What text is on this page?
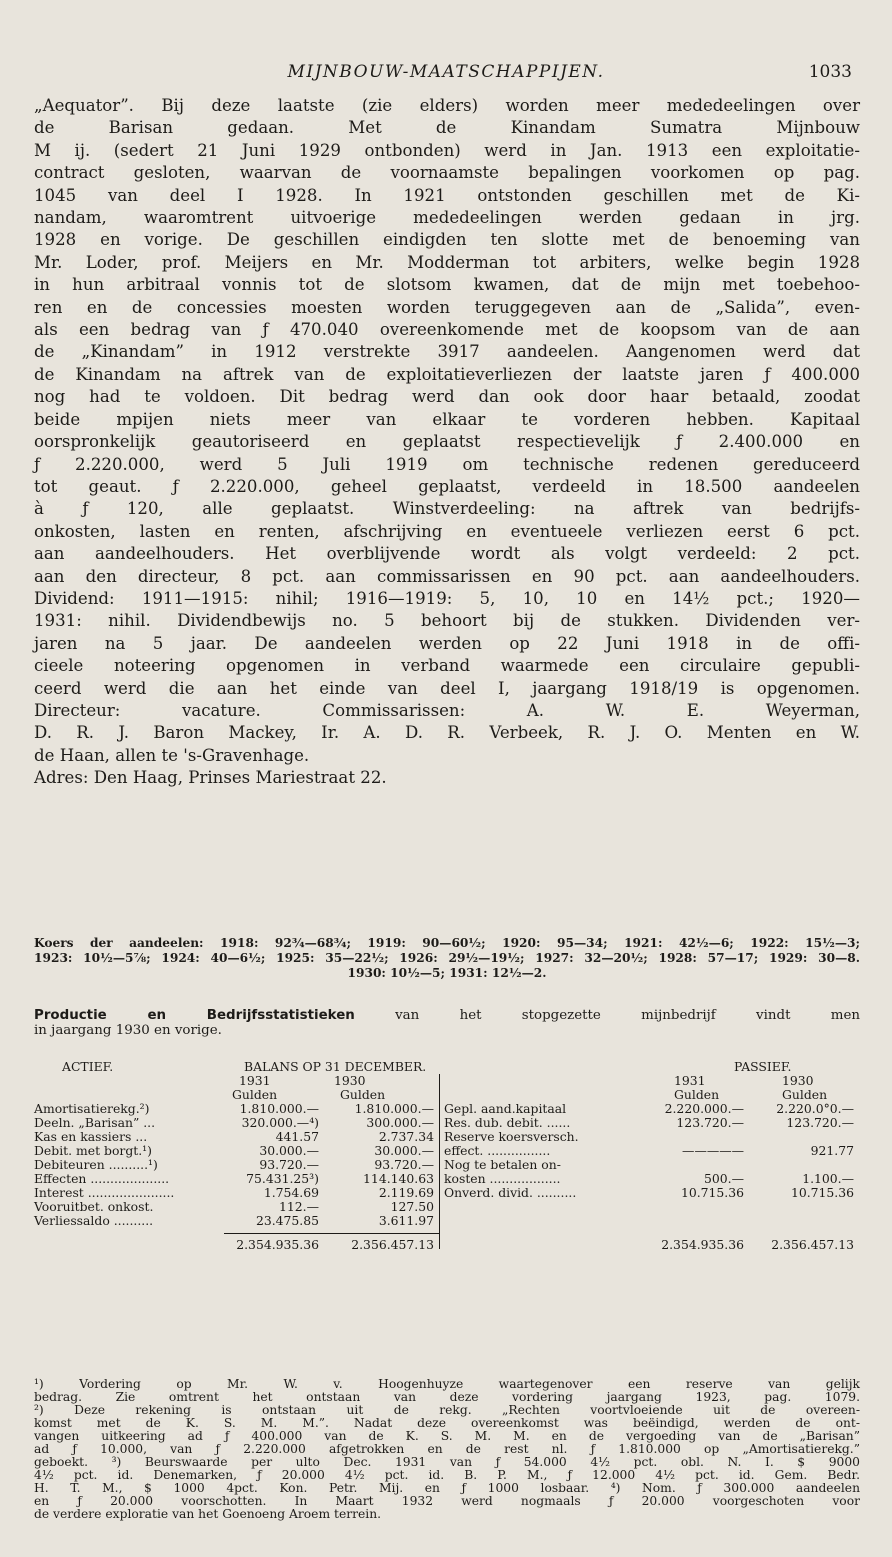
MIJNBOUW-MAATSCHAPPIJEN.	1033

„Aequator”. Bij deze laatste (zie elders) worden meer mededeelingen over

de Barisan gedaan. Met de Kinandam Sumatra Mijnbouw

M ij. (sedert 21 Juni 1929 ontbonden) werd in Jan. 1913 een exploitatie-

contract gesloten, waarvan de voornaamste bepalingen voorkomen op pag.

1045 van deel I 1928. In 1921 ontstonden geschillen met de Ki-

nandam, waaromtrent uitvoerige mededeelingen werden gedaan in jrg.

1928 en vorige. De geschillen eindigden ten slotte met de benoeming van

Mr. Loder, prof. Meijers en Mr. Modderman tot arbiters, welke begin 1928

in hun arbitraal vonnis tot de slotsom kwamen, dat de mijn met toebehoo-

ren en de concessies moesten worden teruggegeven aan de „Salida”, even-

als een bedrag van ƒ 470.040 overeenkomende met de koopsom van de aan

de „Kinandam” in 1912 verstrekte 3917 aandeelen. Aangenomen werd dat

de Kinandam na aftrek van de exploitatieverliezen der laatste jaren ƒ 400.000

nog had te voldoen. Dit bedrag werd dan ook door haar betaald, zoodat

beide mpijen niets meer van elkaar te vorderen hebben. Kapitaal

oorspronkelijk geautoriseerd en geplaatst respectievelijk ƒ 2.400.000 en

ƒ 2.220.000, werd 5 Juli 1919 om technische redenen gereduceerd

tot geaut. ƒ 2.220.000, geheel geplaatst, verdeeld in 18.500 aandeelen

à ƒ 120, alle geplaatst. Winstverdeeling: na aftrek van bedrijfs-

onkosten, lasten en renten, afschrijving en eventueele verliezen eerst 6 pct.

aan aandeelhouders. Het overblijvende wordt als volgt verdeeld: 2 pct.

aan den directeur, 8 pct. aan commissarissen en 90 pct. aan aandeelhouders.

Dividend: 1911—1915: nihil; 1916—1919: 5, 10, 10 en 14½ pct.; 1920—

1931: nihil. Dividendbewijs no. 5 behoort bij de stukken. Dividenden ver-

jaren na 5 jaar. De aandeelen werden op 22 Juni 1918 in de offi-

cieele noteering opgenomen in verband waarmede een circulaire gepubli-

ceerd werd die aan het einde van deel I, jaargang 1918/19 is opgenomen.

Directeur: vacature. Commissarissen: A. W. E. Weyerman,

D. R. J. Baron Mackey, Ir. A. D. R. Verbeek, R. J. O. Menten en W.

de Haan, allen te 's-Gravenhage.

Adres: Den Haag, Prinses Mariestraat 22.

Koers der aandeelen: 1918: 92¾—68¾; 1919: 90—60½; 1920: 95—34; 1921: 42½—6; 1922: 15½—3;

1923: 10½—5⅞; 1924: 40—6½; 1925: 35—22½; 1926: 29½—19½; 1927: 32—20½; 1928: 57—17; 1929: 30—8.

1930: 10½—5; 1931: 12½—2.

Productie en Bedrijfsstatistieken van het stopgezette mijnbedrijf vindt men

in jaargang 1930 en vorige.

ACTIEF.	BALANS OP 31 DECEMBER.	PASSIEF.
1931	1930	1931	1930
Gulden	Gulden	Gulden	Gulden
Amortisatierekg.²)	1.810.000.—	1.810.000.—
Deeln. „Barisan” ...	320.000.—⁴)	300.000.—
Kas en kassiers ...	441.57	2.737.34
Debit. met borgt.¹)	30.000.—	30.000.—
Debiteuren ..........¹)	93.720.—	93.720.—
Effecten ....................	75.431.25³)	114.140.63
Interest ......................	1.754.69	2.119.69
Vooruitbet. onkost.	112.—	127.50
Verliessaldo ..........	23.475.85	3.611.97
Gepl. aand.kapitaal	2.220.000.—	2.220.0°0.—
Res. dub. debit. ......	123.720.—	123.720.—
Reserve koersversch.
effect. ................	—————	921.77
Nog te betalen on-
kosten ..................	500.—	1.100.—
Onverd. divid. ..........	10.715.36	10.715.36
2.354.935.36	2.356.457.13	2.354.935.36	2.356.457.13

¹) Vordering op Mr. W. v. Hoogenhuyze waartegenover een reserve van gelijk

bedrag. Zie omtrent het ontstaan van deze vordering jaargang 1923, pag. 1079.

²) Deze rekening is ontstaan uit de rekg. „Rechten voortvloeiende uit de overeen-

komst met de K. S. M. M.”. Nadat deze overeenkomst was beëindigd, werden de ont-

vangen uitkeering ad ƒ 400.000 van de K. S. M. M. en de vergoeding van de „Barisan”

ad ƒ 10.000, van ƒ 2.220.000 afgetrokken en de rest nl. ƒ 1.810.000 op „Amortisatierekg.”

geboekt. ³) Beurswaarde per ulto Dec. 1931 van ƒ 54.000 4½ pct. obl. N. I. $ 9000

4½ pct. id. Denemarken, ƒ 20.000 4½ pct. id. B. P. M., ƒ 12.000 4½ pct. id. Gem. Bedr.

H. T. M., $ 1000 4pct. Kon. Petr. Mij. en ƒ 1000 losbaar. ⁴) Nom. ƒ 300.000 aandeelen

en ƒ 20.000 voorschotten. In Maart 1932 werd nogmaals ƒ 20.000 voorgeschoten voor

de verdere exploratie van het Goenoeng Aroem terrein.
